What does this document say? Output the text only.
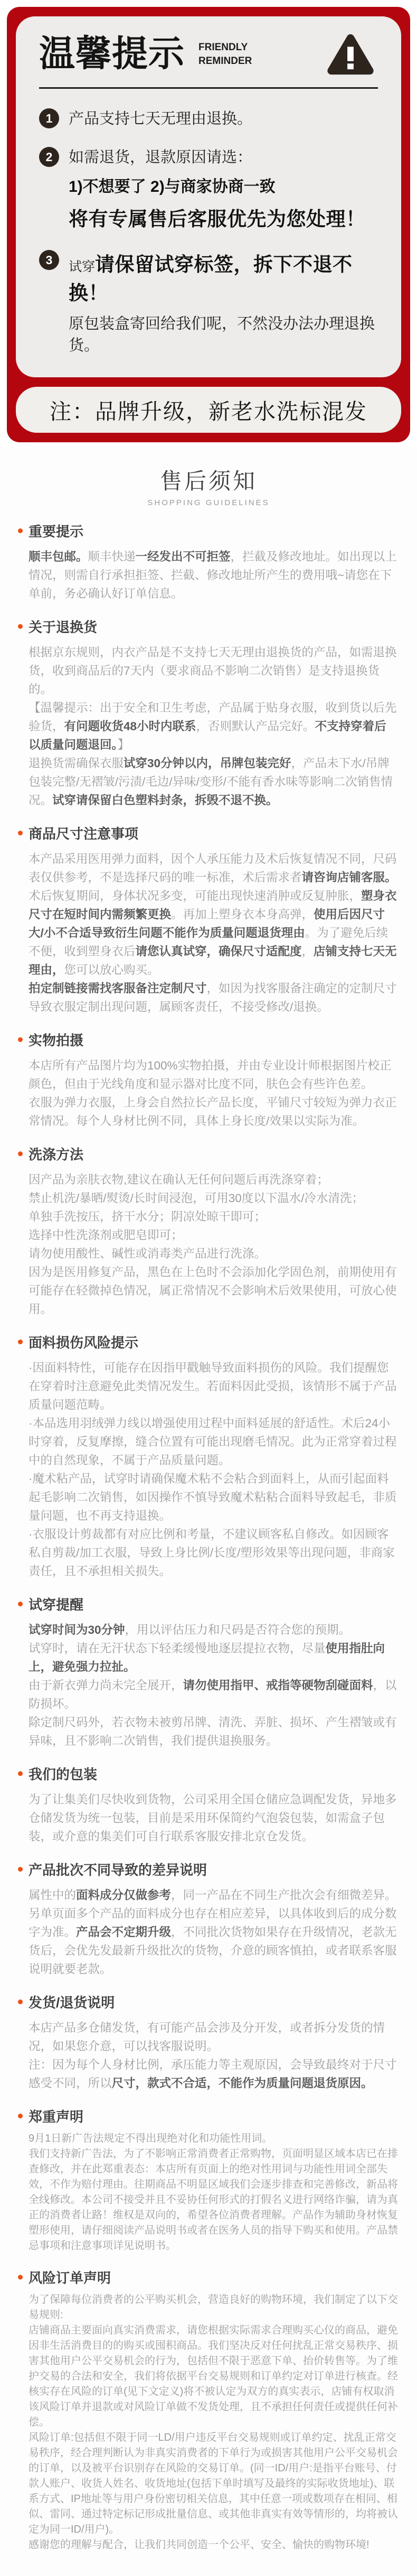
温馨提示 FRIENDLY
REMINDER
1	产品支持七天无理由退换。
2	如需退货，退款原因请选：
1)不想要了 2)与商家协商一致
将有专属售后客服优先为您处理！
3	试穿请保留试穿标签，拆下不退不换！
原包装盒寄回给我们呢，不然没办法办理退换货。
注：品牌升级，新老水洗标混发
售后须知
SHOPPING GUIDELINES
重要提示
顺丰包邮。顺丰快递一经发出不可拒签，拦截及修改地址。如出现以上情况，则需自行承担拒签、拦截、修改地址所产生的费用哦~请您在下单前，务必确认好订单信息。
关于退换货
根据京东规则，内衣产品是不支持七天无理由退换货的产品，如需退换货，收到商品后的7天内（要求商品不影响二次销售）是支持退换货的。
【温馨提示：出于安全和卫生考虑，产品属于贴身衣服，收到货以后先验货，有问题收货48小时内联系，否则默认产品完好。不支持穿着后以质量问题退回。】
退换货需确保衣服试穿30分钟以内，吊牌包装完好，产品未下水/吊牌包装完整/无褶皱/污渍/毛边/异味/变形/不能有香水味等影响二次销售情况。试穿请保留白色塑料封条，拆毁不退不换。
商品尺寸注意事项
本产品采用医用弹力面料，因个人承压能力及术后恢复情况不同，尺码表仅供参考，不是选择尺码的唯一标准，术后需求者请咨询店铺客服。
术后恢复期间，身体状况多变，可能出现快速消肿或反复肿胀，塑身衣尺寸在短时间内需频繁更换。再加上塑身衣本身高弹，使用后因尺寸大/小不合适导致衍生问题不能作为质量问题退货理由。为了避免后续不便，收到塑身衣后请您认真试穿，确保尺寸适配度，店铺支持七天无理由，您可以放心购买。
拍定制链接需找客服备注定制尺寸，如因为找客服备注确定的定制尺寸导致衣服定制出现问题，属顾客责任，不接受修改/退换。
实物拍摄
本店所有产品图片均为100%实物拍摄，并由专业设计师根据图片校正颜色，但由于光线角度和显示器对比度不同，肤色会有些许色差。
衣服为弹力衣服，上身会自然拉长产品长度，平铺尺寸较短为弹力衣正常情况。每个人身材比例不同，具体上身长度/效果以实际为准。
洗涤方法
因产品为亲肤衣物,建议在确认无任何问题后再洗涤穿着；
禁止机洗/暴晒/熨烫/长时间浸泡，可用30度以下温水/冷水清洗；
单独手洗按压，挤干水分；阴凉处晾干即可；
选择中性洗涤剂或肥皂即可；
请勿使用酸性、碱性或消毒类产品进行洗涤。
因为是医用修复产品，黑色在上色时不会添加化学固色剂，前期使用有可能存在轻微掉色情况，属正常情况不会影响术后效果使用，可放心使用。
面料损伤风险提示
·因面料特性，可能存在因指甲戳触导致面料损伤的风险。我们提醒您在穿着时注意避免此类情况发生。若面料因此受损，该情形不属于产品质量问题范畴。
·本品选用羽绒弹力线以增强使用过程中面料延展的舒适性。术后24小时穿着，反复摩擦，缝合位置有可能出现磨毛情况。此为正常穿着过程中的自然现象，不属于产品质量问题。
·魔术粘产品，试穿时请确保魔术粘不会粘合到面料上，从而引起面料起毛影响二次销售，如因操作不慎导致魔术粘粘合面料导致起毛，非质量问题，也不再支持退换。
·衣服设计剪裁都有对应比例和考量，不建议顾客私自修改。如因顾客私自剪裁/加工衣服，导致上身比例/长度/塑形效果等出现问题，非商家责任，且不承担相关损失。
试穿提醒
试穿时间为30分钟，用以评估压力和尺码是否符合您的预期。
试穿时，请在无汗状态下轻柔缓慢地逐层提拉衣物，尽量使用指肚向上，避免强力拉扯。
由于新衣弹力尚未完全展开，请勿使用指甲、戒指等硬物刮碰面料，以防损坏。
除定制尺码外，若衣物未被剪吊牌、清洗、弄脏、损坏、产生褶皱或有异味，且不影响二次销售，我们提供退换服务。
我们的包装
为了让集美们尽快收到货物，公司采用全国仓储应急调配发货，异地多仓储发货为统一包装，目前是采用环保简约气泡袋包装，如需盒子包装，或介意的集美们可自行联系客服安排北京仓发货。
产品批次不同导致的差异说明
属性中的面料成分仅做参考，同一产品在不同生产批次会有细微差异。另单页面多个产品的面料成分也存在相应差异，以具体收到后的成分数字为准。产品会不定期升级，不同批次货物如果存在升级情况，老款无货后，会优先发最新升级批次的货物，介意的顾客慎拍，或者联系客服说明就要老款。
发货/退货说明
本店产品多仓储发货，有可能产品会涉及分开发，或者拆分发货的情况，如果您介意，可以找客服说明。
注：因为每个人身材比例，承压能力等主观原因，会导致最终对于尺寸感受不同，所以尺寸，款式不合适，不能作为质量问题退货原因。
郑重声明
9月1日新广告法规定不得出现绝对化和功能性用词。
我们支持新广告法，为了不影响正常消费者正常购物，页面明显区域本店已在排查修改，并在此郑重表态：本店所有页面上的绝对性用词与功能性用词全部失效，不作为赔付理由。往期商品不明显区域我们会逐步排查和完善修改，新品将全线修改。本公司不接受并且不妥协任何形式的打假名义进行网络诈骗，请为真正的消费者让路！维权是双向的，希望各位消费者理解。产品作为辅助身材恢复塑形使用，请仔细阅读产品说明书或者在医务人员的指导下购买和使用。产品禁忌事项和注意事项详见说明书。
风险订单声明
为了保障每位消费者的公平购买机会，营造良好的购物环境，我们制定了以下交易规则:
店铺商品主要面向真实消费需求，请您根据实际需求合理购买心仪的商品，避免因非生活消费目的的购买或囤积商品。我们坚决反对任何扰乱正常交易秩序、损害其他用户公平交易机会的行为，包括但不限于恶意下单、抬价转售等。为了维护交易的合法和安全，我们将依据平台交易规则和订单约定对订单进行核查。经核实存在风险的订单(见下文定义)将不被认定为双方的真实表示，店铺有权取消该风险订单并退款或对风险订单做不发货处理，且不承担任何责任或提供任何补偿。
风险订单:包括但不限于同一LD/用户违反平台交易规则或订单约定、扰乱正常交易秩序，经合理判断认为非真实消费者的下单行为或损害其他用户公平交易机会的订单，以及被平台识别存在风险的交易订单。(同一ID/用户:是指平台账号、付款人账户、收货人姓名、收货地址(包括下单时填写及最终的实际收货地址)、联系方式、IP地址等与用户身份密切相关信息，其中任意一项或数项存在相同、相似、雷同、通过特定标记形成批量信息、或其他非真实有效等情形的，均将被认定为同一ID/用户)。
感谢您的理解与配合，让我们共同创造一个公平、安全、愉快的购物环境!
